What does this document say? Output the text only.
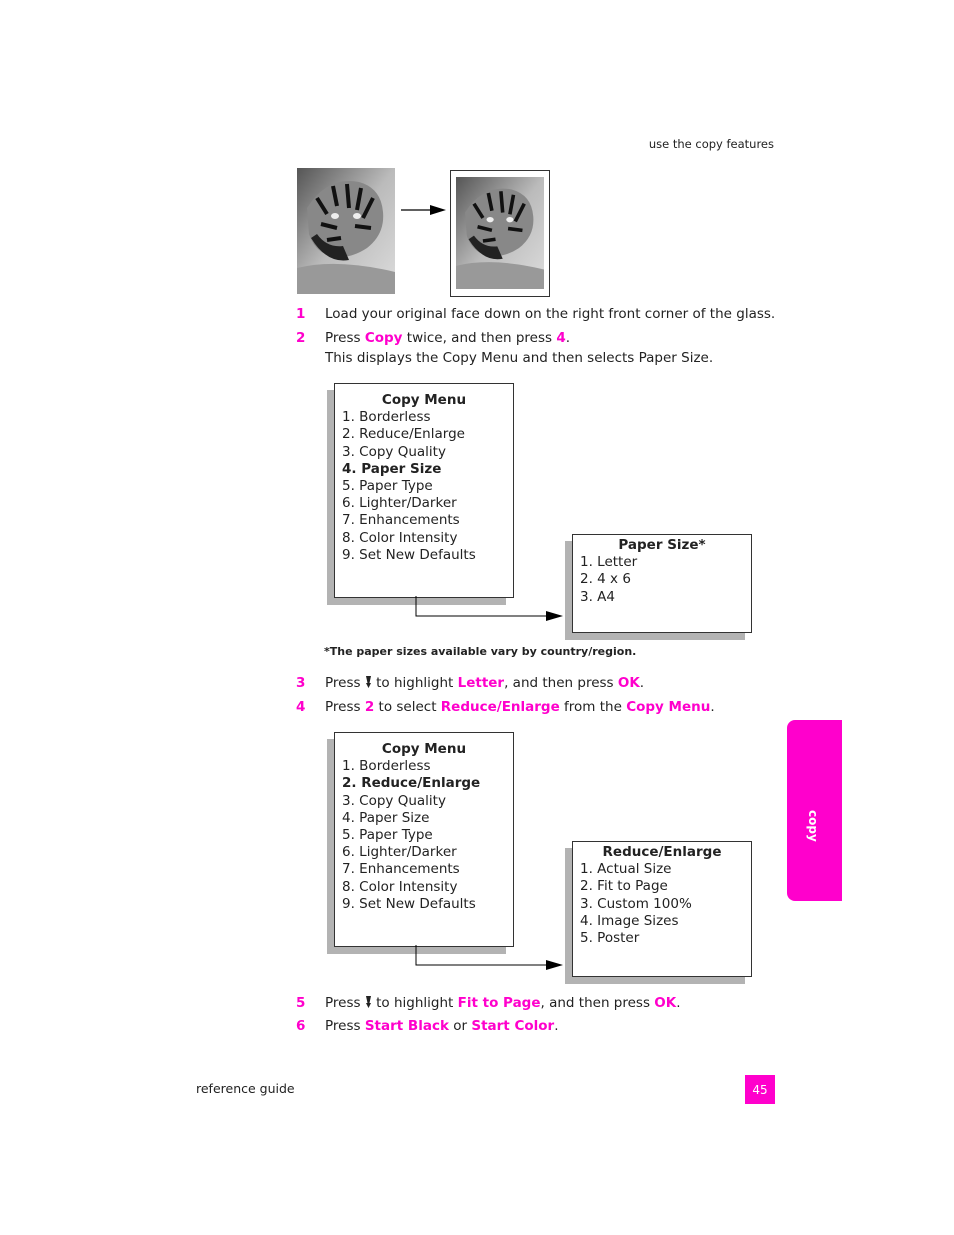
use the copy features
reference guide	45
copy
1 Load your original face down on the right front corner of the glass.
2 Press Copy twice, and then press 4.
This displays the Copy Menu and then selects Paper Size.
Copy Menu
1. Borderless
2. Reduce/Enlarge
3. Copy Quality
4. Paper Size
5. Paper Type
6. Lighter/Darker
7. Enhancements
8. Color Intensity
9. Set New Defaults
Paper Size*
1. Letter
2. 4 x 6
3. A4
*The paper sizes available vary by country/region.
3 Press  to highlight Letter, and then press OK.
4 Press 2 to select Reduce/Enlarge from the Copy Menu.
Copy Menu
1. Borderless
2. Reduce/Enlarge
3. Copy Quality
4. Paper Size
5. Paper Type
6. Lighter/Darker
7. Enhancements
8. Color Intensity
9. Set New Defaults
Reduce/Enlarge
1. Actual Size
2. Fit to Page
3. Custom 100%
4. Image Sizes
5. Poster
5 Press  to highlight Fit to Page, and then press OK.
6 Press Start Black or Start Color.
